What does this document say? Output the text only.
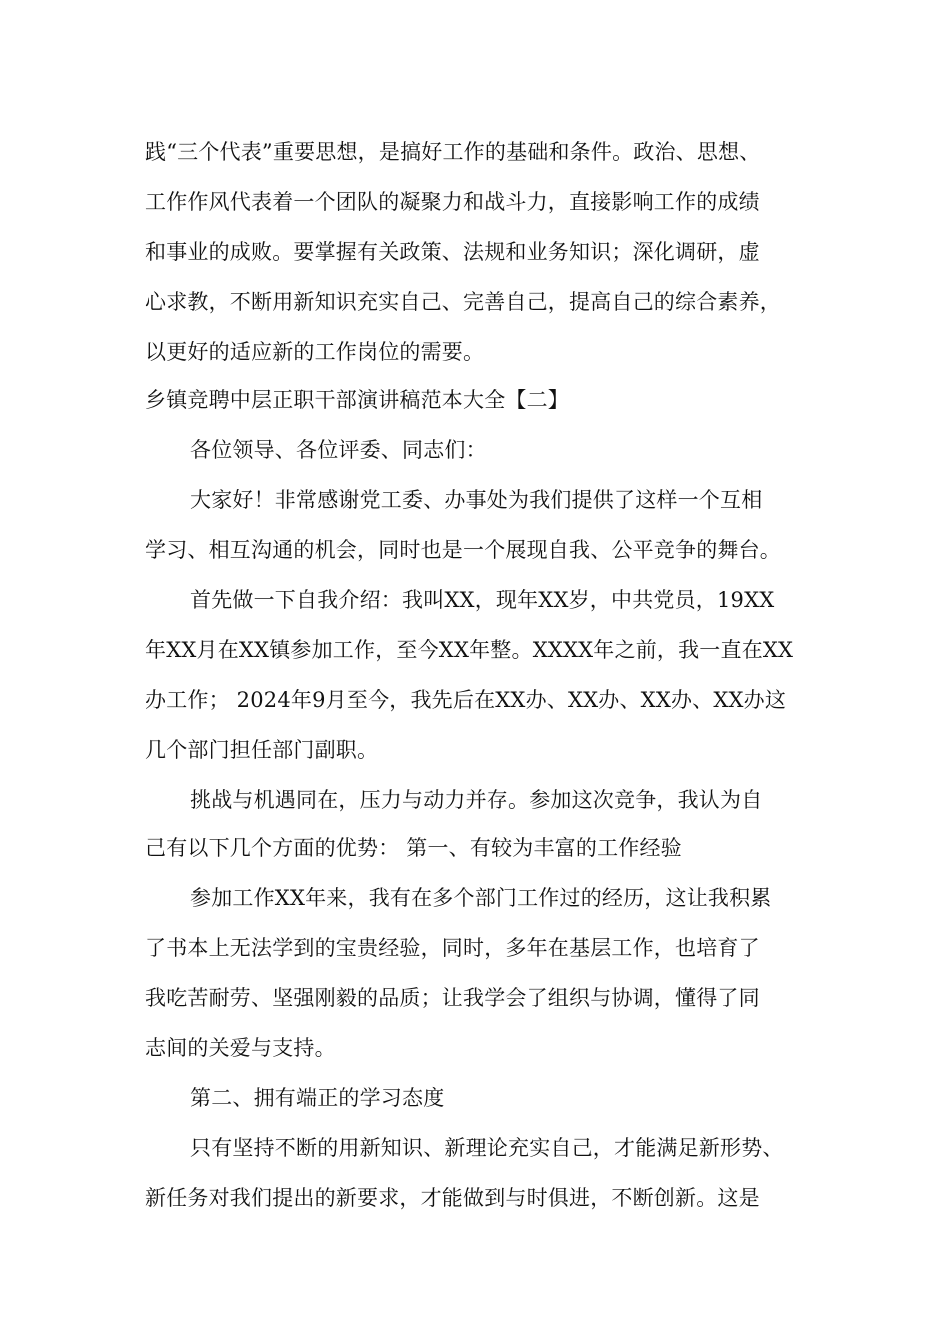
践“三个代表”重要思想，是搞好工作的基础和条件。政治、思想、
工作作风代表着一个团队的凝聚力和战斗力，直接影响工作的成绩
和事业的成败。要掌握有关政策、法规和业务知识；深化调研，虚
心求教，不断用新知识充实自己、完善自己，提高自己的综合素养，
以更好的适应新的工作岗位的需要。
乡镇竞聘中层正职干部演讲稿范本大全【二】
各位领导、各位评委、同志们：
大家好！非常感谢党工委、办事处为我们提供了这样一个互相
学习、相互沟通的机会，同时也是一个展现自我、公平竞争的舞台。
首先做一下自我介绍：我叫XX，现年XX岁，中共党员，19XX
年XX月在XX镇参加工作，至今XX年整。XXXX年之前，我一直在XX
办工作； 2024年9月至今，我先后在XX办、XX办、XX办、XX办这
几个部门担任部门副职。
挑战与机遇同在，压力与动力并存。参加这次竞争，我认为自
己有以下几个方面的优势： 第一、有较为丰富的工作经验
参加工作XX年来，我有在多个部门工作过的经历，这让我积累
了书本上无法学到的宝贵经验，同时，多年在基层工作，也培育了
我吃苦耐劳、坚强刚毅的品质；让我学会了组织与协调，懂得了同
志间的关爱与支持。
第二、拥有端正的学习态度
只有坚持不断的用新知识、新理论充实自己，才能满足新形势、
新任务对我们提出的新要求，才能做到与时俱进，不断创新。这是
